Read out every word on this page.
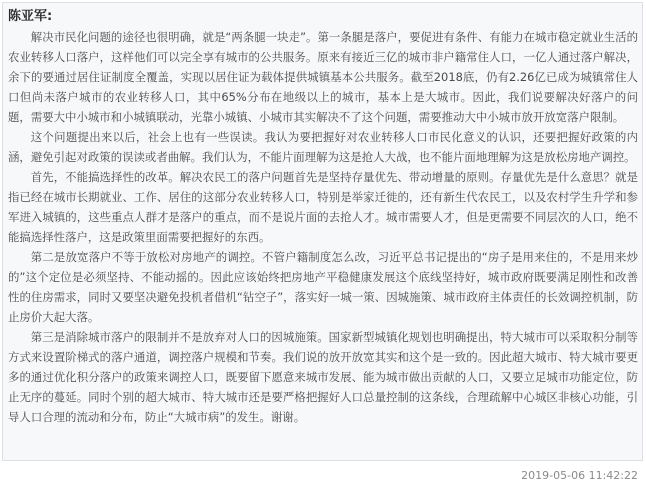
陈亚军:

解决市民化问题的途径也很明确，就是“两条腿一块走”。第一条腿是落户，要促进有条件、有能力在城市稳定就业生活的农业转移人口落户，这样他们可以完全享有城市的公共服务。原来有接近三亿的城市非户籍常住人口，一亿人通过落户解决，余下的要通过居住证制度全覆盖，实现以居住证为载体提供城镇基本公共服务。截至2018底，仍有2.26亿已成为城镇常住人口但尚未落户城市的农业转移人口，其中65%分布在地级以上的城市，基本上是大城市。因此，我们说要解决好落户的问题，需要大中小城市和小城镇联动，光靠小城镇、小城市其实解决不了这个问题，需要推动大中小城市放开放宽落户限制。

这个问题提出来以后，社会上也有一些误读。我认为要把握好对农业转移人口市民化意义的认识，还要把握好政策的内涵，避免引起对政策的误读或者曲解。我们认为，不能片面理解为这是抢人大战，也不能片面地理解为这是放松房地产调控。

首先，不能搞选择性的改革。解决农民工的落户问题首先是坚持存量优先、带动增量的原则。存量优先是什么意思？就是指已经在城市长期就业、工作、居住的这部分农业转移人口，特别是举家迁徙的，还有新生代农民工，以及农村学生升学和参军进入城镇的，这些重点人群才是落户的重点，而不是说片面的去抢人才。城市需要人才，但是更需要不同层次的人口，绝不能搞选择性落户，这是政策里面需要把握好的东西。

第二是放宽落户不等于放松对房地产的调控。不管户籍制度怎么改，习近平总书记提出的“房子是用来住的，不是用来炒的”这个定位是必须坚持、不能动摇的。因此应该始终把房地产平稳健康发展这个底线坚持好，城市政府既要满足刚性和改善性的住房需求，同时又要坚决避免投机者借机“钻空子”，落实好一城一策、因城施策、城市政府主体责任的长效调控机制，防止房价大起大落。

第三是消除城市落户的限制并不是放弃对人口的因城施策。国家新型城镇化规划也明确提出，特大城市可以采取积分制等方式来设置阶梯式的落户通道，调控落户规模和节奏。我们说的放开放宽其实和这个是一致的。因此超大城市、特大城市要更多的通过优化积分落户的政策来调控人口，既要留下愿意来城市发展、能为城市做出贡献的人口，又要立足城市功能定位，防止无序的蔓延。同时个别的超大城市、特大城市还是要严格把握好人口总量控制的这条线，合理疏解中心城区非核心功能，引导人口合理的流动和分布，防止“大城市病”的发生。谢谢。

2019-05-06 11:42:22
